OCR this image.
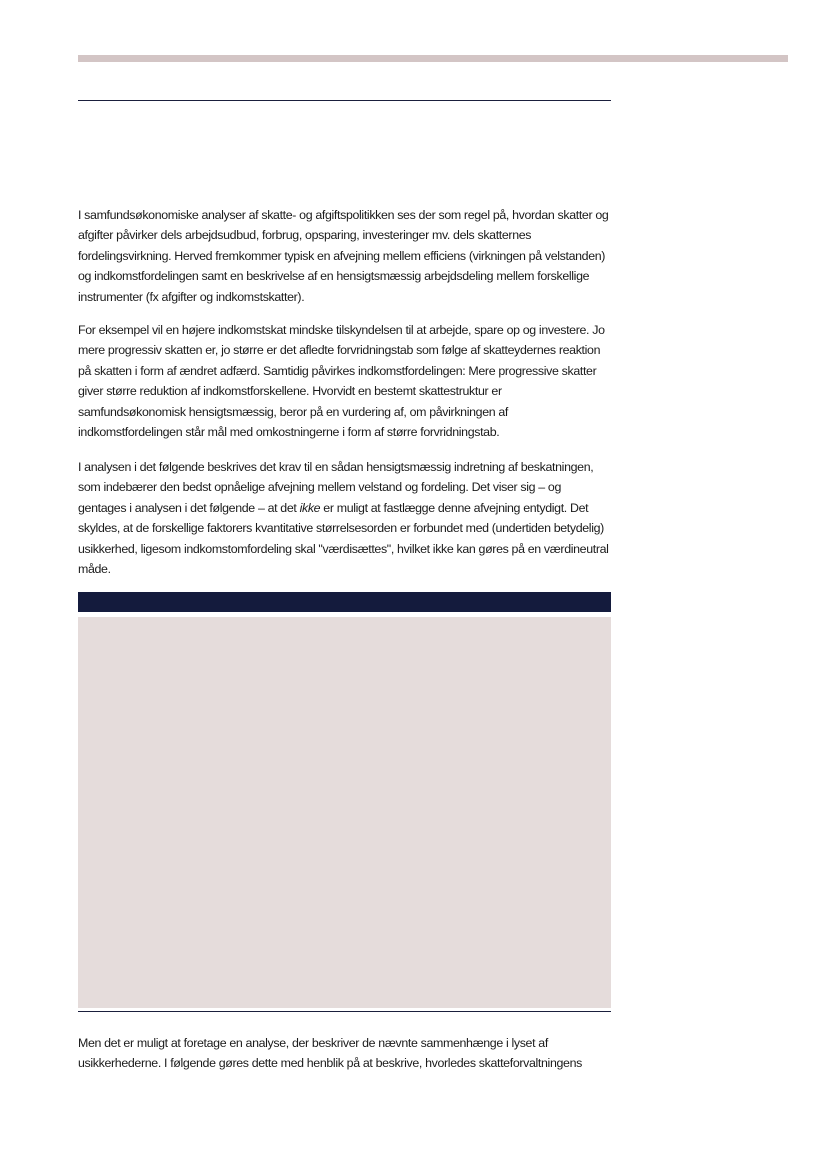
I samfundsøkonomiske analyser af skatte- og afgiftspolitikken ses der som regel på, hvordan skatter og afgifter påvirker dels arbejdsudbud, forbrug, opsparing, investeringer mv. dels skatternes fordelingsvirkning. Herved fremkommer typisk en afvejning mellem efficiens (virkningen på velstanden) og indkomstfordelingen samt en beskrivelse af en hensigtsmæssig arbejdsdeling mellem forskellige instrumenter (fx afgifter og indkomstskatter).

For eksempel vil en højere indkomstskat mindske tilskyndelsen til at arbejde, spare op og investere. Jo mere progressiv skatten er, jo større er det afledte forvridningstab som følge af skatteydernes reaktion på skatten i form af ændret adfærd. Samtidig påvirkes indkomstfordelingen: Mere progressive skatter giver større reduktion af indkomstforskellene. Hvorvidt en bestemt skattestruktur er samfundsøkonomisk hensigtsmæssig, beror på en vurdering af, om påvirkningen af indkomstfordelingen står mål med omkostningerne i form af større forvridningstab.

I analysen i det følgende beskrives det krav til en sådan hensigtsmæssig indretning af beskatningen, som indebærer den bedst opnåelige afvejning mellem velstand og fordeling. Det viser sig – og gentages i analysen i det følgende – at det ikke er muligt at fastlægge denne afvejning entydigt. Det skyldes, at de forskellige faktorers kvantitative størrelsesorden er forbundet med (undertiden betydelig) usikkerhed, ligesom indkomstomfordeling skal "værdisættes", hvilket ikke kan gøres på en værdineutral måde.

Men det er muligt at foretage en analyse, der beskriver de nævnte sammenhænge i lyset af usikkerhederne. I følgende gøres dette med henblik på at beskrive, hvorledes skatteforvaltningens
